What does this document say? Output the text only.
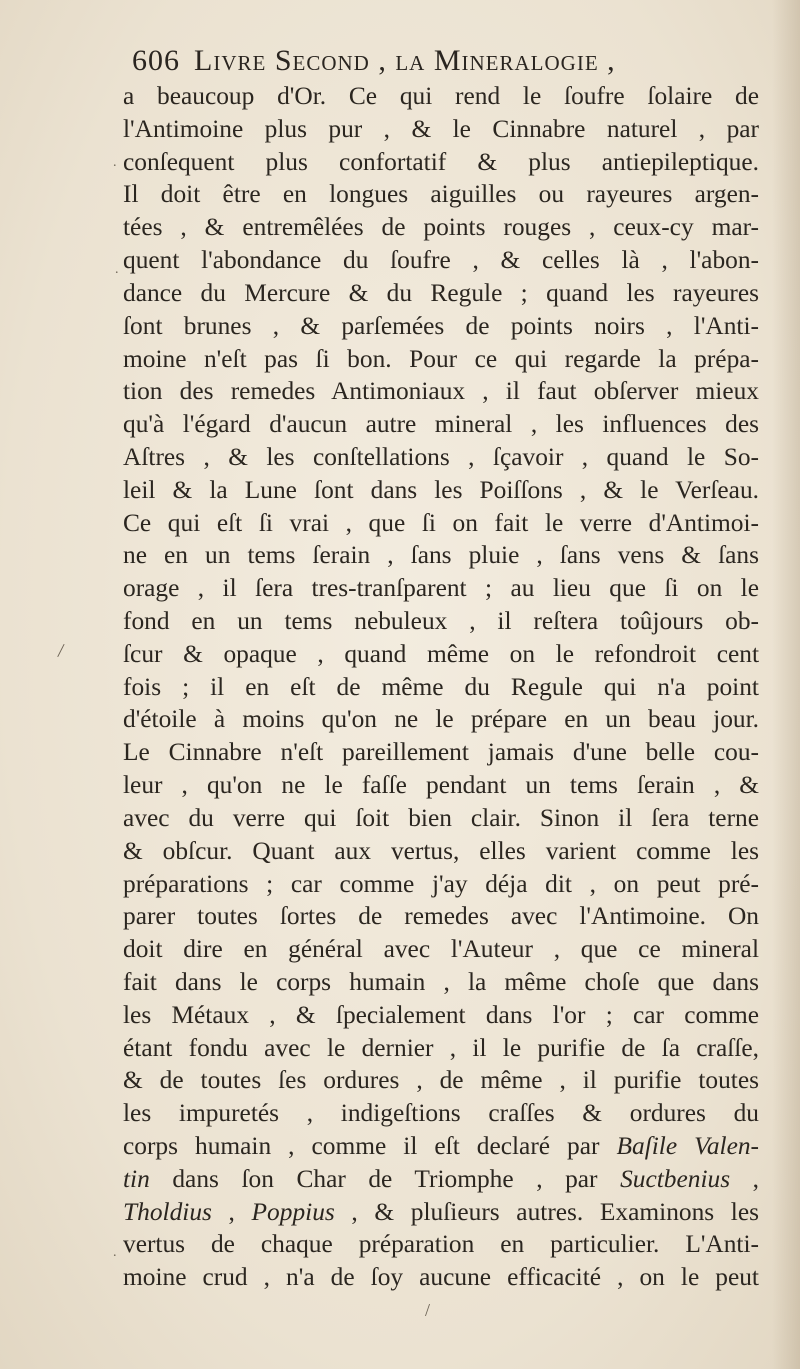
606 Livre Second , la Mineralogie ,
a beaucoup d'Or. Ce qui rend le ſoufre ſolaire de
l'Antimoine plus pur , & le Cinnabre naturel , par
conſequent plus confortatif & plus antiepileptique.
Il doit être en longues aiguilles ou rayeures argen-
tées , & entremêlées de points rouges , ceux-cy mar-
quent l'abondance du ſoufre , & celles là , l'abon-
dance du Mercure & du Regule ; quand les rayeures
ſont brunes , & parſemées de points noirs , l'Anti-
moine n'eſt pas ſi bon. Pour ce qui regarde la prépa-
tion des remedes Antimoniaux , il faut obſerver mieux
qu'à l'égard d'aucun autre mineral , les influences des
Aſtres , & les conſtellations , ſçavoir , quand le So-
leil & la Lune ſont dans les Poiſſons , & le Verſeau.
Ce qui eſt ſi vrai , que ſi on fait le verre d'Antimoi-
ne en un tems ſerain , ſans pluie , ſans vens & ſans
orage , il ſera tres-tranſparent ; au lieu que ſi on le
fond en un tems nebuleux , il reſtera toûjours ob-
ſcur & opaque , quand même on le refondroit cent
fois ; il en eſt de même du Regule qui n'a point
d'étoile à moins qu'on ne le prépare en un beau jour.
Le Cinnabre n'eſt pareillement jamais d'une belle cou-
leur , qu'on ne le faſſe pendant un tems ſerain , &
avec du verre qui ſoit bien clair. Sinon il ſera terne
& obſcur. Quant aux vertus, elles varient comme les
préparations ; car comme j'ay déja dit , on peut pré-
parer toutes ſortes de remedes avec l'Antimoine. On
doit dire en général avec l'Auteur , que ce mineral
fait dans le corps humain , la même choſe que dans
les Métaux , & ſpecialement dans l'or ; car comme
étant fondu avec le dernier , il le purifie de ſa craſſe,
& de toutes ſes ordures , de même , il purifie toutes
les impuretés , indigeſtions craſſes & ordures du
corps humain , comme il eſt declaré par Baſile Valen-
tin dans ſon Char de Triomphe , par Suctbenius ,
Tholdius , Poppius , & pluſieurs autres. Examinons les
vertus de chaque préparation en particulier. L'Anti-
moine crud , n'a de ſoy aucune efficacité , on le peut
.
.
/
.
/
